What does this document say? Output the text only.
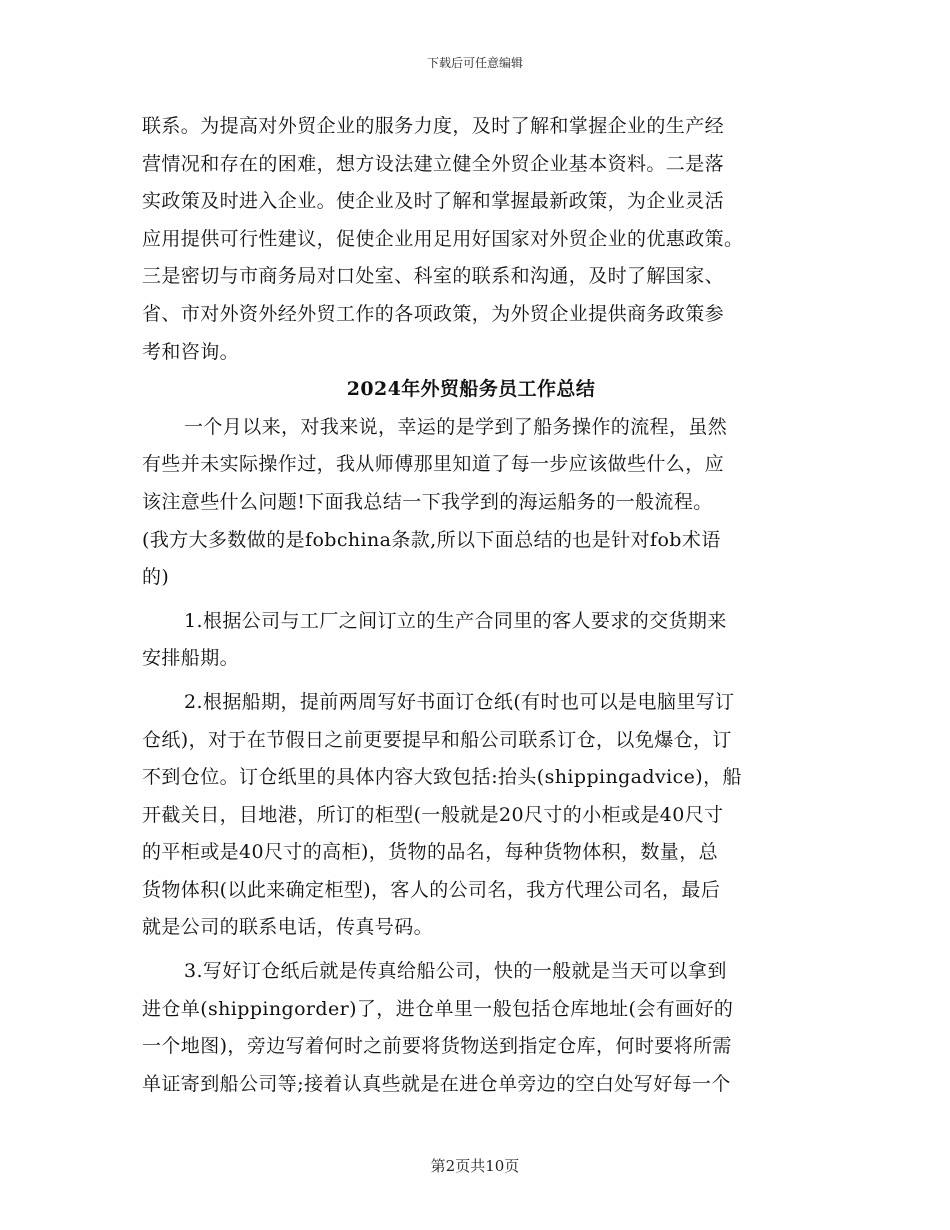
下载后可任意编辑
联系。为提高对外贸企业的服务力度，及时了解和掌握企业的生产经
营情况和存在的困难，想方设法建立健全外贸企业基本资料。二是落
实政策及时进入企业。使企业及时了解和掌握最新政策，为企业灵活
应用提供可行性建议，促使企业用足用好国家对外贸企业的优惠政策。
三是密切与市商务局对口处室、科室的联系和沟通，及时了解国家、
省、市对外资外经外贸工作的各项政策，为外贸企业提供商务政策参
考和咨询。
2024年外贸船务员工作总结
一个月以来，对我来说，幸运的是学到了船务操作的流程，虽然
有些并未实际操作过，我从师傅那里知道了每一步应该做些什么，应
该注意些什么问题!下面我总结一下我学到的海运船务的一般流程。
(我方大多数做的是fobchina条款,所以下面总结的也是针对fob术语
的)
1.根据公司与工厂之间订立的生产合同里的客人要求的交货期来
安排船期。
2.根据船期，提前两周写好书面订仓纸(有时也可以是电脑里写订
仓纸)，对于在节假日之前更要提早和船公司联系订仓，以免爆仓，订
不到仓位。订仓纸里的具体内容大致包括:抬头(shippingadvice)，船
开截关日，目地港，所订的柜型(一般就是20尺寸的小柜或是40尺寸
的平柜或是40尺寸的高柜)，货物的品名，每种货物体积，数量，总
货物体积(以此来确定柜型)，客人的公司名，我方代理公司名，最后
就是公司的联系电话，传真号码。
3.写好订仓纸后就是传真给船公司，快的一般就是当天可以拿到
进仓单(shippingorder)了，进仓单里一般包括仓库地址(会有画好的
一个地图)，旁边写着何时之前要将货物送到指定仓库，何时要将所需
单证寄到船公司等;接着认真些就是在进仓单旁边的空白处写好每一个
第2页共10页
